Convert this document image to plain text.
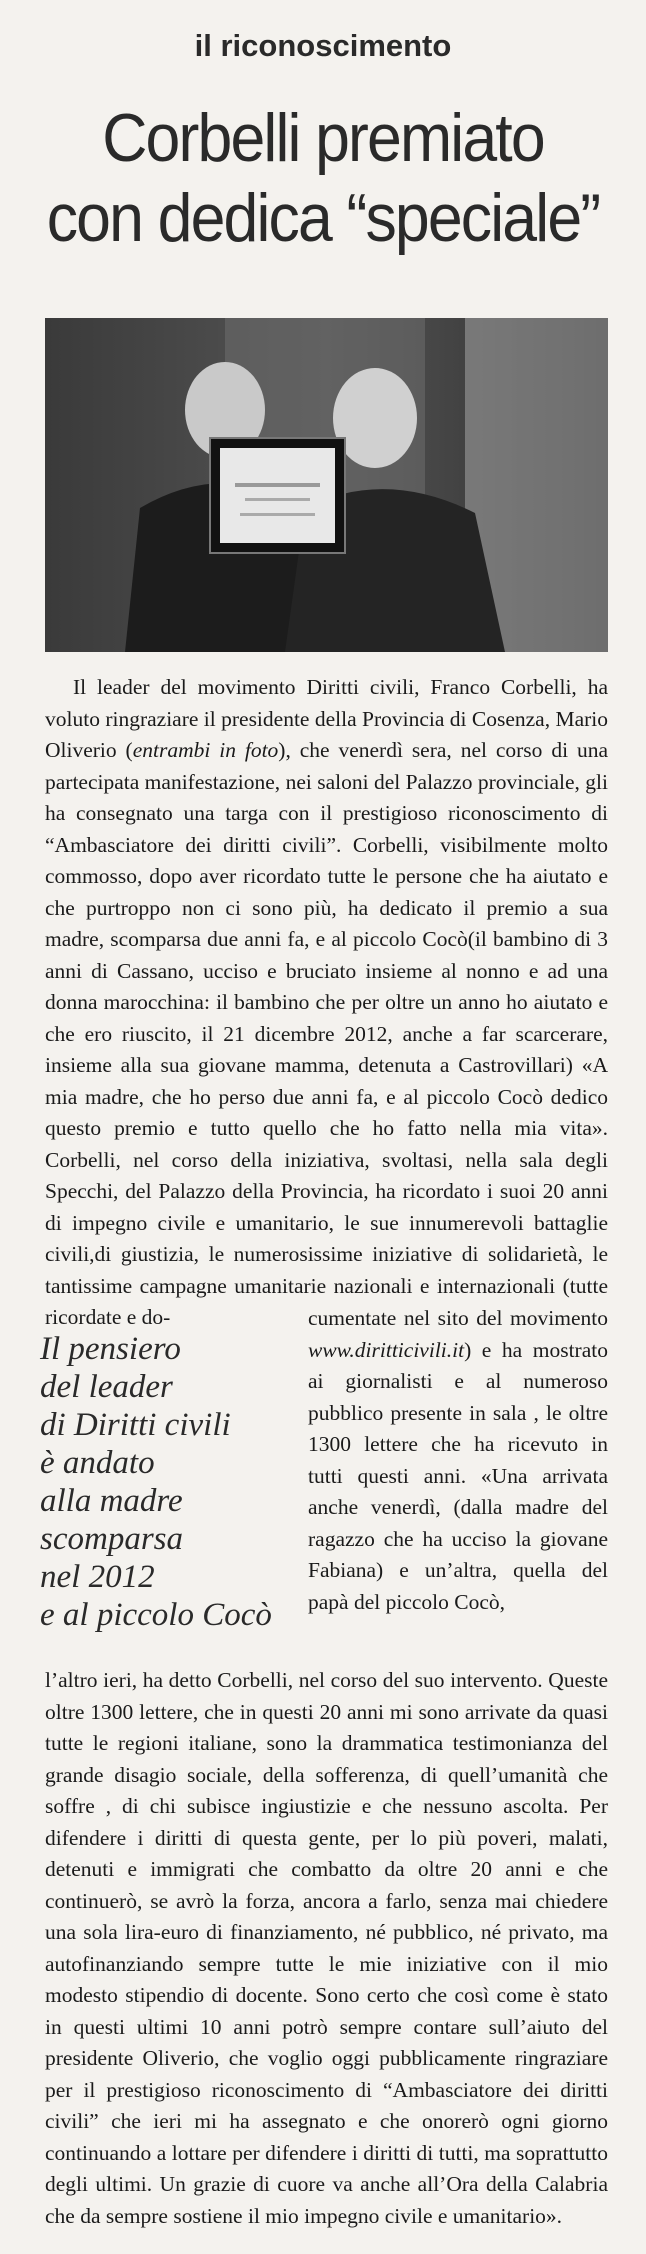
il riconoscimento
Corbelli premiato
con dedica “speciale”
Il leader del movimento Diritti civili, Franco Corbelli, ha voluto ringraziare il presidente della Provincia di Cosenza, Mario Oliverio (entrambi in foto), che venerdì sera, nel corso di una partecipata manifestazione, nei saloni del Palazzo provinciale, gli ha consegnato una targa con il prestigioso riconoscimento di “Ambasciatore dei diritti civili”. Corbelli, visibilmente molto commosso, dopo aver ricordato tutte le persone che ha aiutato e che purtroppo non ci sono più, ha dedicato il premio a sua madre, scomparsa due anni fa, e al piccolo Cocò(il bambino di 3 anni di Cassano, ucciso e bruciato insieme al nonno e ad una donna marocchina: il bambino che per oltre un anno ho aiutato e che ero riuscito, il 21 dicembre 2012, anche a far scarcerare, insieme alla sua giovane mamma, detenuta a Castrovillari) «A mia madre, che ho perso due anni fa, e al piccolo Cocò dedico questo premio e tutto quello che ho fatto nella mia vita». Corbelli, nel corso della iniziativa, svoltasi, nella sala degli Specchi, del Palazzo della Provincia, ha ricordato i suoi 20 anni di impegno civile e umanitario, le sue innumerevoli battaglie civili,di giustizia, le numerosissime iniziative di solidarietà, le tantissime campagne umanitarie nazionali e internazionali (tutte ricordate e do-
Il pensiero
del leader
di Diritti civili
è andato
alla madre
scomparsa
nel 2012
e al piccolo Cocò
cumentate nel sito del movimento www.diritticivili.it) e ha mostrato ai giornalisti e al numeroso pubblico presente in sala , le oltre 1300 lettere che ha ricevuto in tutti questi anni. «Una arrivata anche venerdì, (dalla madre del ragazzo che ha ucciso la giovane Fabiana) e un’altra, quella del papà del piccolo Cocò,
l’altro ieri, ha detto Corbelli, nel corso del suo intervento. Queste oltre 1300 lettere, che in questi 20 anni mi sono arrivate da quasi tutte le regioni italiane, sono la drammatica testimonianza del grande disagio sociale, della sofferenza, di quell’umanità che soffre , di chi subisce ingiustizie e che nessuno ascolta. Per difendere i diritti di questa gente, per lo più poveri, malati, detenuti e immigrati che combatto da oltre 20 anni e che continuerò, se avrò la forza, ancora a farlo, senza mai chiedere una sola lira-euro di finanziamento, né pubblico, né privato, ma autofinanziando sempre tutte le mie iniziative con il mio modesto stipendio di docente. Sono certo che così come è stato in questi ultimi 10 anni potrò sempre contare sull’aiuto del presidente Oliverio, che voglio oggi pubblicamente ringraziare per il prestigioso riconoscimento di “Ambasciatore dei diritti civili” che ieri mi ha assegnato e che onorerò ogni giorno continuando a lottare per difendere i diritti di tutti, ma soprattutto degli ultimi. Un grazie di cuore va anche all’Ora della Calabria che da sempre sostiene il mio impegno civile e umanitario».
